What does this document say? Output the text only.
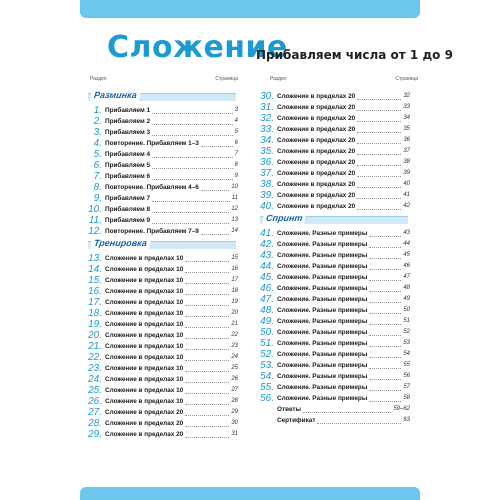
Сложение
Прибавляем числа от 1 до 9
Раздел	Страница	Раздел	Страница
Разминка
1. Прибавляем 1	3
2. Прибавляем 2	4
3. Прибавляем 3	5
4. Повторение. Прибавляем 1–3	6
5. Прибавляем 4	7
6. Прибавляем 5	8
7. Прибавляем 6	9
8. Повторение. Прибавляем 4–6	10
9. Прибавляем 7	11
10. Прибавляем 8	12
11. Прибавляем 9	13
12. Повторение. Прибавляем 7–9	14
Тренировка
13. Сложение в пределах 10	15
14. Сложение в пределах 10	16
15. Сложение в пределах 10	17
16. Сложение в пределах 10	18
17. Сложение в пределах 10	19
18. Сложение в пределах 10	20
19. Сложение в пределах 10	21
20. Сложение в пределах 10	22
21. Сложение в пределах 10	23
22. Сложение в пределах 10	24
23. Сложение в пределах 10	25
24. Сложение в пределах 10	26
25. Сложение в пределах 10	27
26. Сложение в пределах 10	28
27. Сложение в пределах 20	29
28. Сложение в пределах 20	30
29. Сложение в пределах 20	31
30. Сложение в пределах 20	32
31. Сложение в пределах 20	33
32. Сложение в пределах 20	34
33. Сложение в пределах 20	35
34. Сложение в пределах 20	36
35. Сложение в пределах 20	37
36. Сложение в пределах 20	38
37. Сложение в пределах 20	39
38. Сложение в пределах 20	40
39. Сложение в пределах 20	41
40. Сложение в пределах 20	42
Спринт
41. Сложение. Разные примеры	43
42. Сложение. Разные примеры	44
43. Сложение. Разные примеры	45
44. Сложение. Разные примеры	46
45. Сложение. Разные примеры	47
46. Сложение. Разные примеры	48
47. Сложение. Разные примеры	49
48. Сложение. Разные примеры	50
49. Сложение. Разные примеры	51
50. Сложение. Разные примеры	52
51. Сложение. Разные примеры	53
52. Сложение. Разные примеры	54
53. Сложение. Разные примеры	55
54. Сложение. Разные примеры	56
55. Сложение. Разные примеры	57
56. Сложение. Разные примеры	58
Ответы	59–62
Сертификат	63
